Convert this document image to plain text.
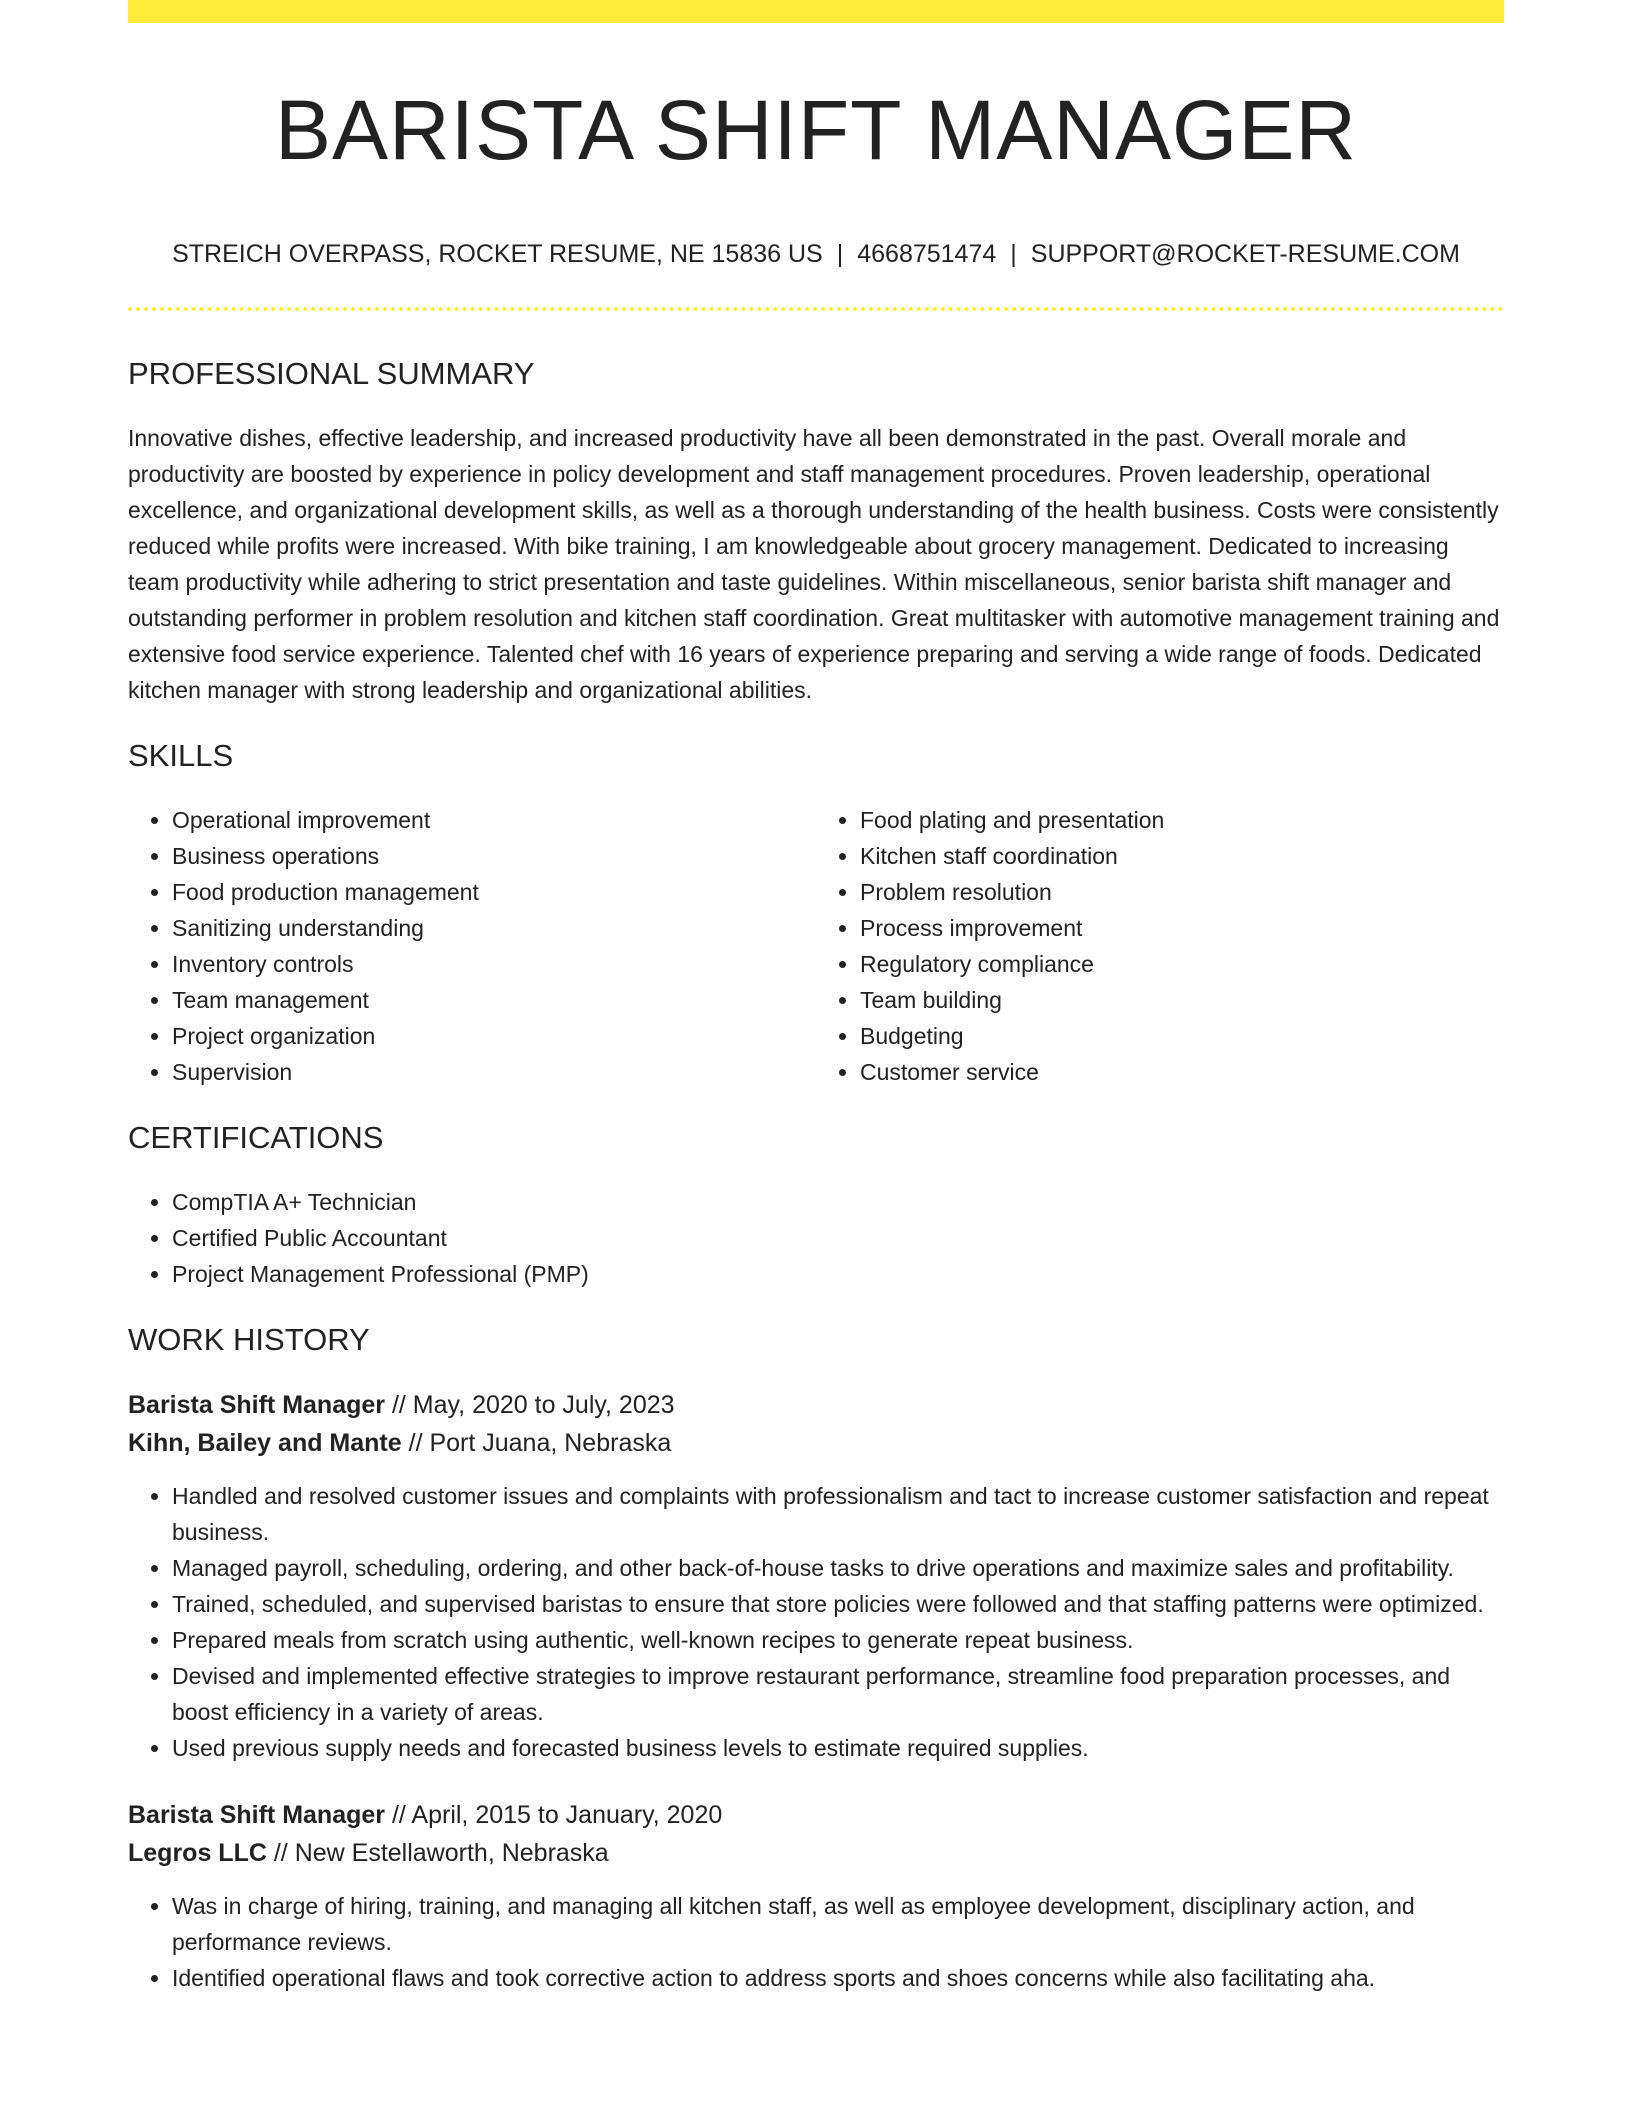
BARISTA SHIFT MANAGER
STREICH OVERPASS, ROCKET RESUME, NE 15836 US | 4668751474 | SUPPORT@ROCKET-RESUME.COM
PROFESSIONAL SUMMARY

Innovative dishes, effective leadership, and increased productivity have all been demonstrated in the past. Overall morale and productivity are boosted by experience in policy development and staff management procedures. Proven leadership, operational excellence, and organizational development skills, as well as a thorough understanding of the health business. Costs were consistently reduced while profits were increased. With bike training, I am knowledgeable about grocery management. Dedicated to increasing team productivity while adhering to strict presentation and taste guidelines. Within miscellaneous, senior barista shift manager and outstanding performer in problem resolution and kitchen staff coordination. Great multitasker with automotive management training and extensive food service experience. Talented chef with 16 years of experience preparing and serving a wide range of foods. Dedicated kitchen manager with strong leadership and organizational abilities.

SKILLS
• Operational improvement
• Business operations
• Food production management
• Sanitizing understanding
• Inventory controls
• Team management
• Project organization
• Supervision
• Food plating and presentation
• Kitchen staff coordination
• Problem resolution
• Process improvement
• Regulatory compliance
• Team building
• Budgeting
• Customer service
CERTIFICATIONS
• CompTIA A+ Technician
• Certified Public Accountant
• Project Management Professional (PMP)
WORK HISTORY
Barista Shift Manager // May, 2020 to July, 2023
Kihn, Bailey and Mante // Port Juana, Nebraska
• Handled and resolved customer issues and complaints with professionalism and tact to increase customer satisfaction and repeat business.
• Managed payroll, scheduling, ordering, and other back-of-house tasks to drive operations and maximize sales and profitability.
• Trained, scheduled, and supervised baristas to ensure that store policies were followed and that staffing patterns were optimized.
• Prepared meals from scratch using authentic, well-known recipes to generate repeat business.
• Devised and implemented effective strategies to improve restaurant performance, streamline food preparation processes, and boost efficiency in a variety of areas.
• Used previous supply needs and forecasted business levels to estimate required supplies.
Barista Shift Manager // April, 2015 to January, 2020
Legros LLC // New Estellaworth, Nebraska
• Was in charge of hiring, training, and managing all kitchen staff, as well as employee development, disciplinary action, and performance reviews.
• Identified operational flaws and took corrective action to address sports and shoes concerns while also facilitating aha.
